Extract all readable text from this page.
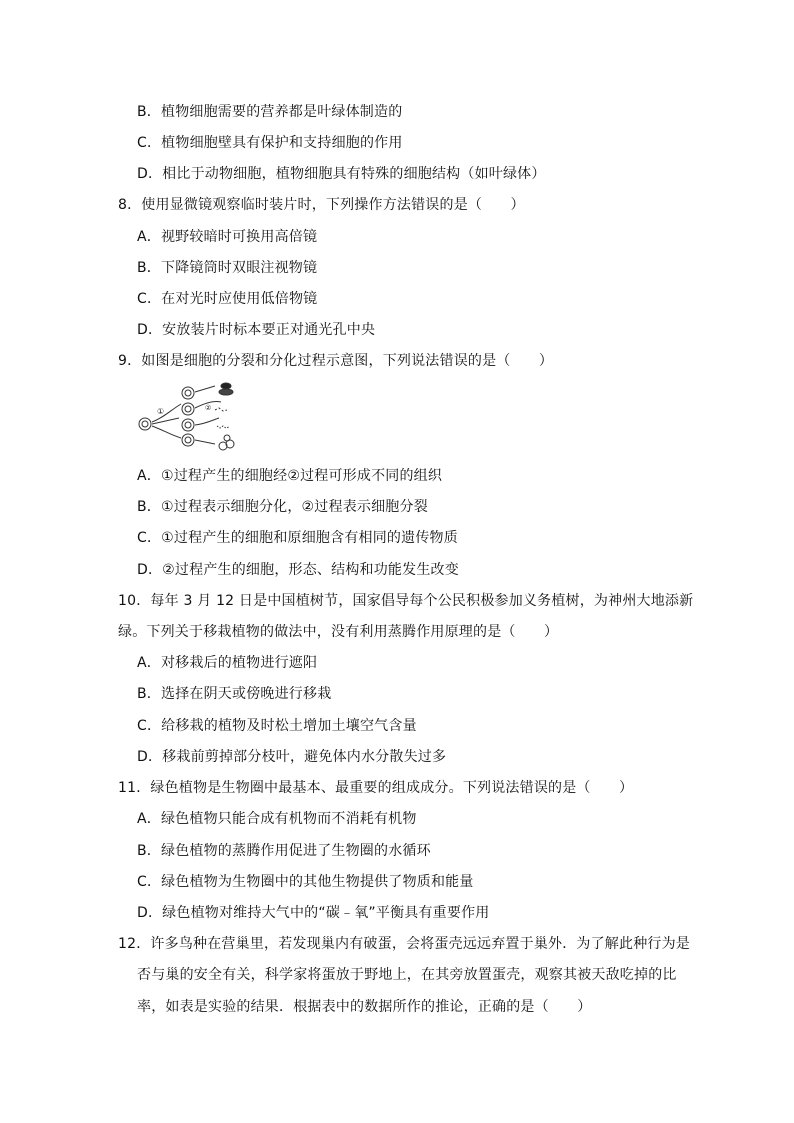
B．植物细胞需要的营养都是叶绿体制造的
C．植物细胞壁具有保护和支持细胞的作用
D．相比于动物细胞，植物细胞具有特殊的细胞结构（如叶绿体）
8．使用显微镜观察临时装片时，下列操作方法错误的是（　　）
A．视野较暗时可换用高倍镜
B．下降镜筒时双眼注视物镜
C．在对光时应使用低倍物镜
D．安放装片时标本要正对通光孔中央
9．如图是细胞的分裂和分化过程示意图，下列说法错误的是（　　）
①	②
A．①过程产生的细胞经②过程可形成不同的组织
B．①过程表示细胞分化，②过程表示细胞分裂
C．①过程产生的细胞和原细胞含有相同的遗传物质
D．②过程产生的细胞，形态、结构和功能发生改变
10．每年 3 月 12 日是中国植树节，国家倡导每个公民积极参加义务植树，为神州大地添新
绿。下列关于移栽植物的做法中，没有利用蒸腾作用原理的是（　　）
A．对移栽后的植物进行遮阳
B．选择在阴天或傍晚进行移栽
C．给移栽的植物及时松土增加土壤空气含量
D．移栽前剪掉部分枝叶，避免体内水分散失过多
11．绿色植物是生物圈中最基本、最重要的组成成分。下列说法错误的是（　　）
A．绿色植物只能合成有机物而不消耗有机物
B．绿色植物的蒸腾作用促进了生物圈的水循环
C．绿色植物为生物圈中的其他生物提供了物质和能量
D．绿色植物对维持大气中的“碳﹣氧”平衡具有重要作用
12．许多鸟种在营巢里，若发现巢内有破蛋，会将蛋壳远远弃置于巢外．为了解此种行为是
否与巢的安全有关，科学家将蛋放于野地上，在其旁放置蛋壳，观察其被天敌吃掉的比
率，如表是实验的结果．根据表中的数据所作的推论，正确的是（　　）
